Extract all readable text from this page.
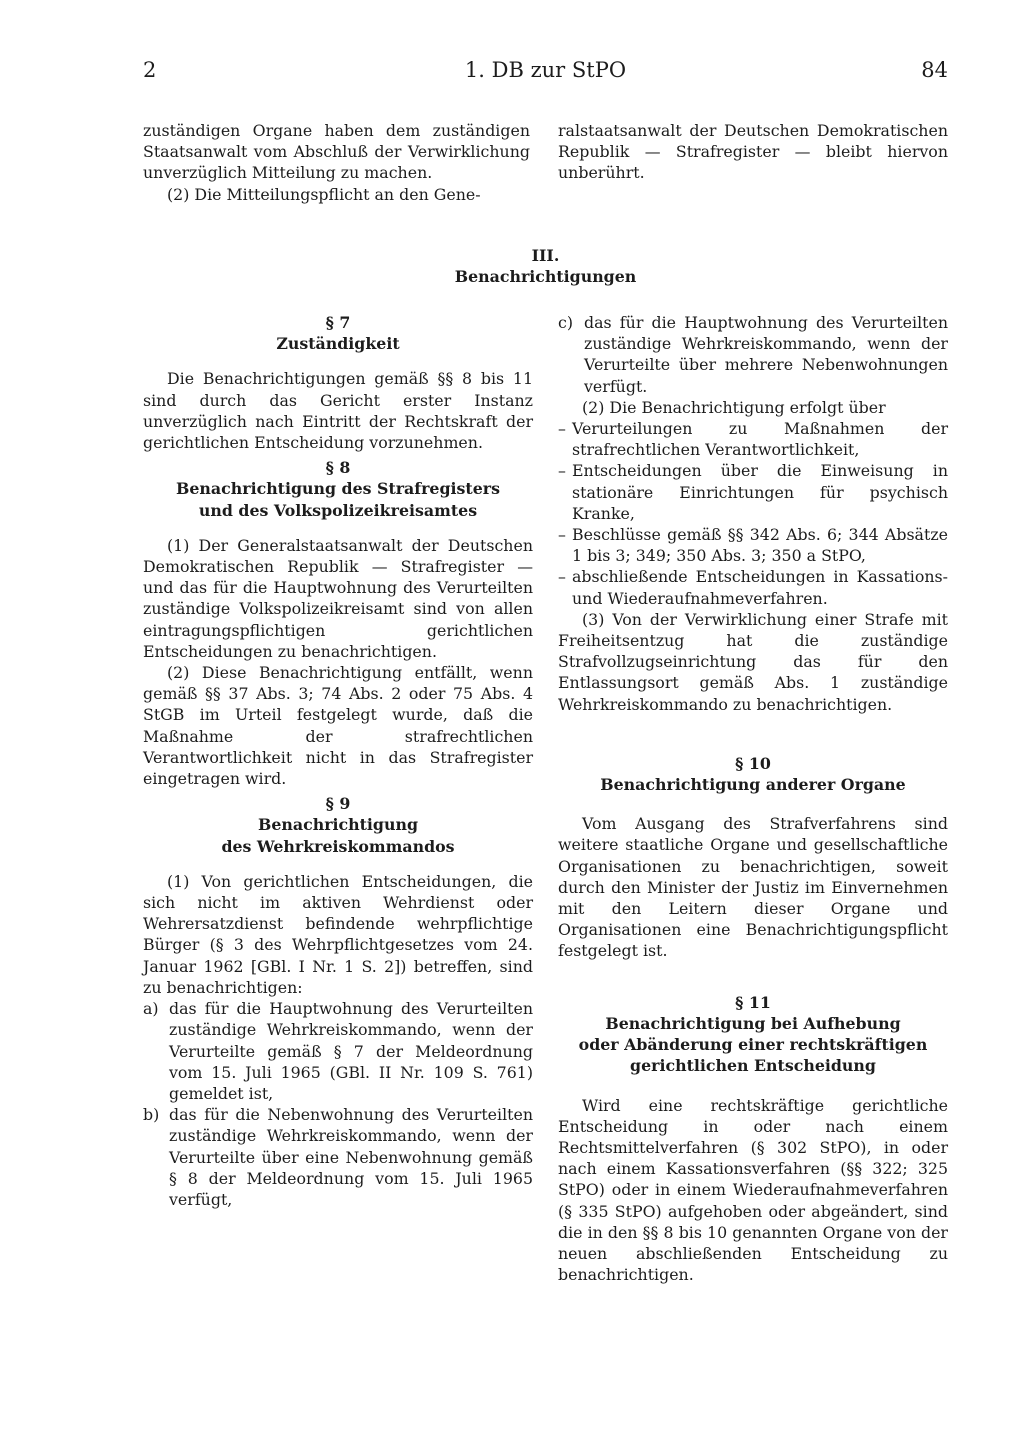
2	1. DB zur StPO	84

zuständigen Organe haben dem zuständigen Staatsanwalt vom Abschluß der Verwirklichung unverzüglich Mitteilung zu machen.

(2) Die Mitteilungspflicht an den Gene-

ralstaatsanwalt der Deutschen Demokratischen Republik — Strafregister — bleibt hiervon unberührt.

III.
Benachrichtigungen
§ 7
Zuständigkeit

Die Benachrichtigungen gemäß §§ 8 bis 11 sind durch das Gericht erster Instanz unverzüglich nach Eintritt der Rechtskraft der gerichtlichen Entscheidung vorzunehmen.

§ 8
Benachrichtigung des Strafregisters
und des Volkspolizeikreisamtes

(1) Der Generalstaatsanwalt der Deutschen Demokratischen Republik — Strafregister — und das für die Hauptwohnung des Verurteilten zuständige Volkspolizeikreisamt sind von allen eintragungspflichtigen gerichtlichen Entscheidungen zu benachrichtigen.

(2) Diese Benachrichtigung entfällt, wenn gemäß §§ 37 Abs. 3; 74 Abs. 2 oder 75 Abs. 4 StGB im Urteil festgelegt wurde, daß die Maßnahme der strafrechtlichen Verantwortlichkeit nicht in das Strafregister eingetragen wird.

§ 9
Benachrichtigung
des Wehrkreiskommandos

(1) Von gerichtlichen Entscheidungen, die sich nicht im aktiven Wehrdienst oder Wehrersatzdienst befindende wehrpflichtige Bürger (§ 3 des Wehrpflichtgesetzes vom 24. Januar 1962 [GBl. I Nr. 1 S. 2]) betreffen, sind zu benachrichtigen:

a) das für die Hauptwohnung des Verurteilten zuständige Wehrkreiskommando, wenn der Verurteilte gemäß § 7 der Meldeordnung vom 15. Juli 1965 (GBl. II Nr. 109 S. 761) gemeldet ist,
b) das für die Nebenwohnung des Verurteilten zuständige Wehrkreiskommando, wenn der Verurteilte über eine Nebenwohnung gemäß § 8 der Meldeordnung vom 15. Juli 1965 verfügt,
c) das für die Hauptwohnung des Verurteilten zuständige Wehrkreiskommando, wenn der Verurteilte über mehrere Nebenwohnungen verfügt.

(2) Die Benachrichtigung erfolgt über

– Verurteilungen zu Maßnahmen der strafrechtlichen Verantwortlichkeit,
– Entscheidungen über die Einweisung in stationäre Einrichtungen für psychisch Kranke,
– Beschlüsse gemäß §§ 342 Abs. 6; 344 Absätze 1 bis 3; 349; 350 Abs. 3; 350 a StPO,
– abschließende Entscheidungen in Kassations- und Wiederaufnahmeverfahren.

(3) Von der Verwirklichung einer Strafe mit Freiheitsentzug hat die zuständige Strafvollzugseinrichtung das für den Entlassungsort gemäß Abs. 1 zuständige Wehrkreiskommando zu benachrichtigen.

§ 10
Benachrichtigung anderer Organe

Vom Ausgang des Strafverfahrens sind weitere staatliche Organe und gesellschaftliche Organisationen zu benachrichtigen, soweit durch den Minister der Justiz im Einvernehmen mit den Leitern dieser Organe und Organisationen eine Benachrichtigungspflicht festgelegt ist.

§ 11
Benachrichtigung bei Aufhebung
oder Abänderung einer rechtskräftigen
gerichtlichen Entscheidung

Wird eine rechtskräftige gerichtliche Entscheidung in oder nach einem Rechtsmittelverfahren (§ 302 StPO), in oder nach einem Kassationsverfahren (§§ 322; 325 StPO) oder in einem Wiederaufnahmeverfahren (§ 335 StPO) aufgehoben oder abgeändert, sind die in den §§ 8 bis 10 genannten Organe von der neuen abschließenden Entscheidung zu benachrichtigen.
